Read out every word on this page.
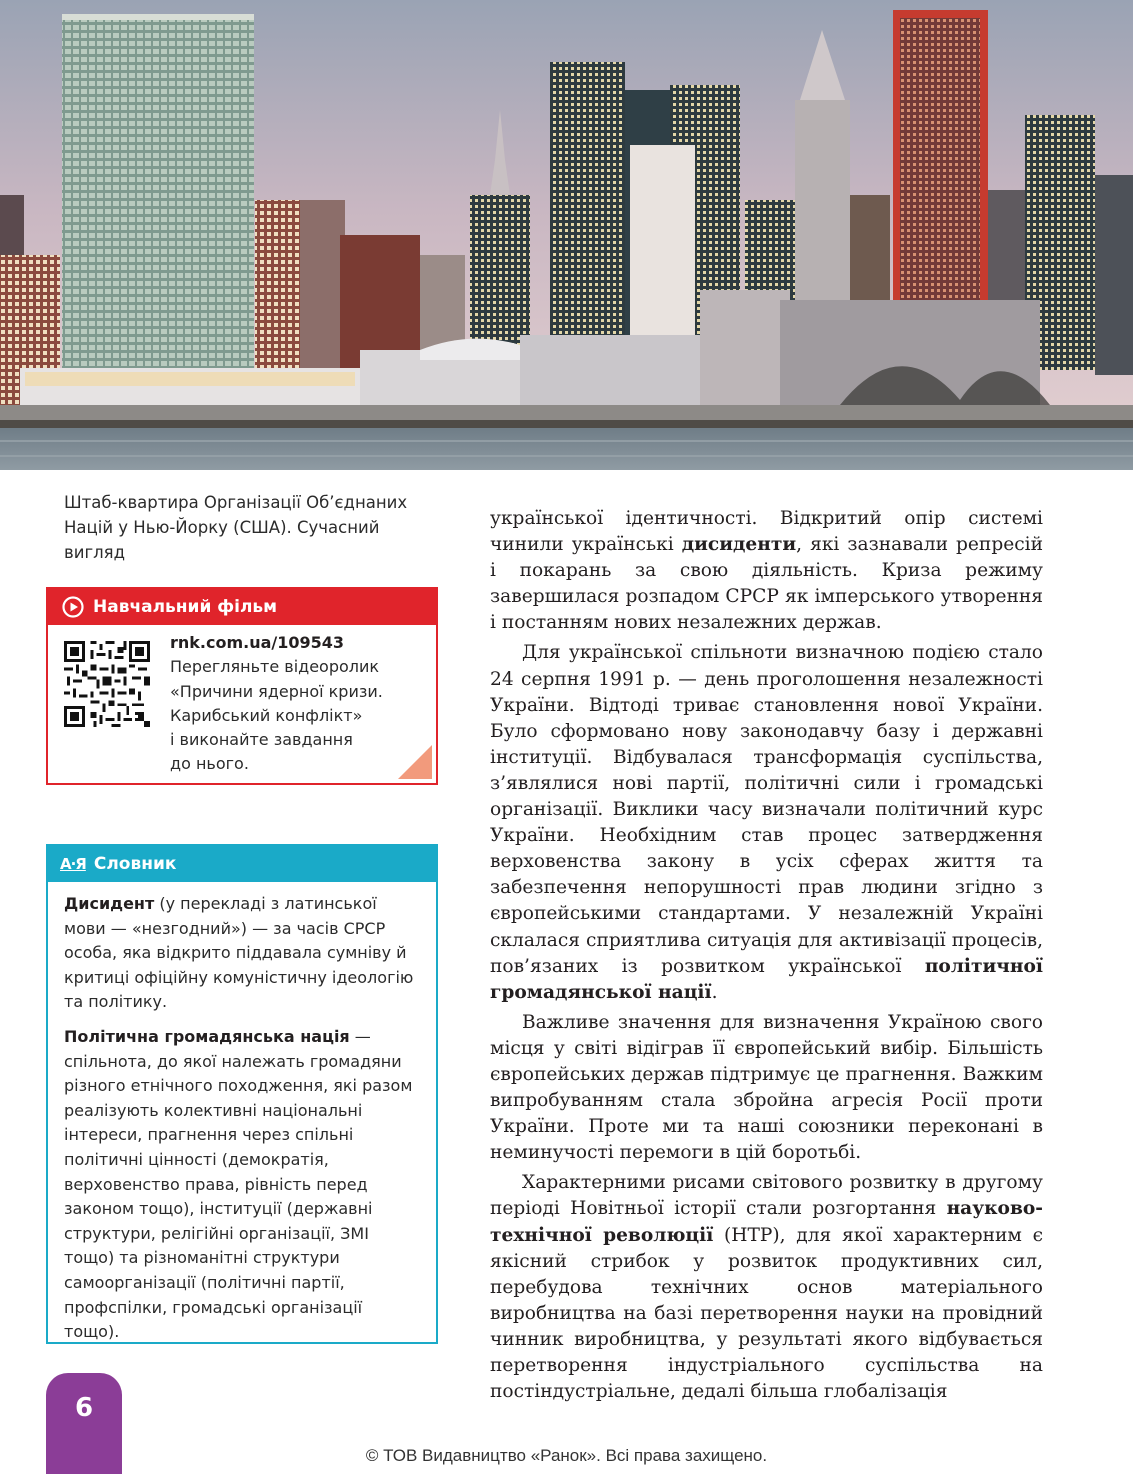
Штаб-квартира Організації Об’єднаних Націй у Нью-Йорку (США). Сучасний вигляд
Навчальний фільм
rnk.com.ua/109543
Перегляньте відеоролик
«Причини ядерної кризи.
Карибський конфлікт»
і виконайте завдання
до нього.
А·Я Словник

Дисидент (у перекладі з латинської мови — «незгодний») — за часів СРСР особа, яка відкрито піддавала сумніву й критиці офіційну комуністичну ідеологію та політику.

Політична громадянська нація — спільнота, до якої належать громадяни різного етнічного походження, які разом реалізують колективні національні інтереси, прагнення через спільні політичні цінності (демократія, верховенство права, рівність перед законом тощо), інституції (державні структури, релігійні організації, ЗМІ тощо) та різноманітні структури самоорганізації (політичні партії, профспілки, громадські організації тощо).

української ідентичності. Відкритий опір системі чинили українські дисиденти, які зазнавали репресій і покарань за свою діяльність. Криза режиму завершилася розпадом СРСР як імперського утворення і постанням нових незалежних держав.

Для української спільноти визначною подією стало 24 серпня 1991 р. — день проголошення незалежності України. Відтоді триває становлення нової України. Було сформовано нову законодавчу базу і державні інституції. Відбувалася трансформація суспільства, з’являлися нові партії, політичні сили і громадські організації. Виклики часу визначали політичний курс України. Необхідним став процес затвердження верховенства закону в усіх сферах життя та забезпечення непорушності прав людини згідно з європейськими стандартами. У незалежній Україні склалася сприятлива ситуація для активізації процесів, пов’язаних із розвитком української політичної громадянської нації.

Важливе значення для визначення Україною свого місця у світі відіграв її європейський вибір. Більшість європейських держав підтримує це прагнення. Важким випробуванням стала збройна агресія Росії проти України. Проте ми та наші союзники переконані в неминучості перемоги в цій боротьбі.

Характерними рисами світового розвитку в другому періоді Новітньої історії стали розгортання науково-технічної революції (НТР), для якої характерним є якісний стрибок у розвиток продуктивних сил, перебудова технічних основ матеріального виробництва на базі перетворення науки на провідний чинник виробництва, у результаті якого відбувається перетворення індустріального суспільства на постіндустріальне, дедалі більша глобалізація

6
© ТОВ Видавництво «Ранок». Всі права захищено.
